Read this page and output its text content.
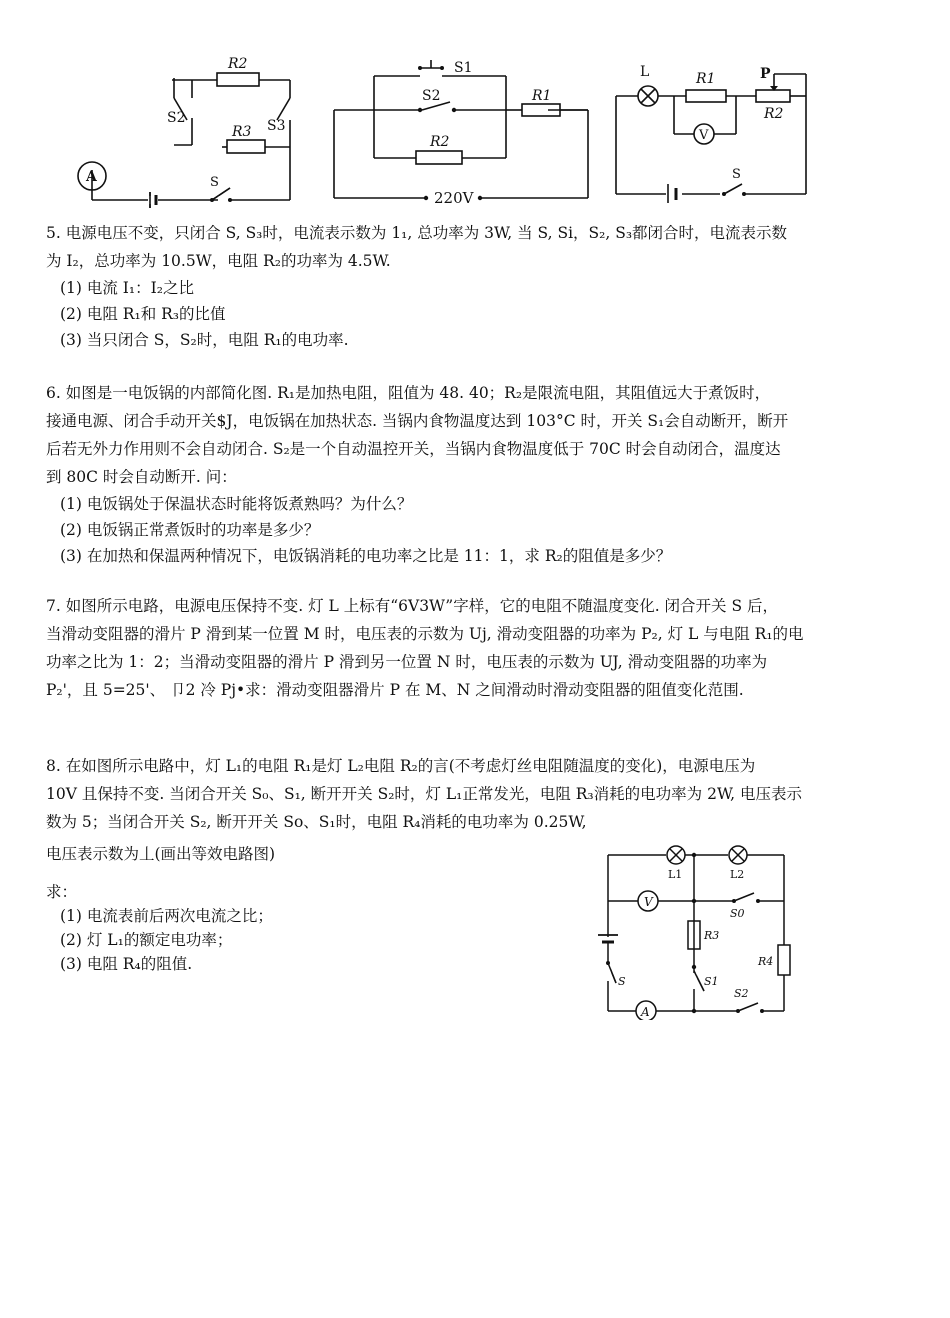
R2
R3
S2	S3
S
A
S1
S2	R1
R2
220V
L	R1	P
R2
V
S

5. 电源电压不变，只闭合 S, S₃时，电流表示数为 1₁, 总功率为 3W, 当 S, Si，S₂, S₃都闭合时，电流表示数

为 I₂，总功率为 10.5W，电阻 R₂的功率为 4.5W.

(1) 电流 I₁：I₂之比

(2) 电阻 R₁和 R₃的比值

(3) 当只闭合 S，S₂时，电阻 R₁的电功率.

6. 如图是一电饭锅的内部简化图. R₁是加热电阻，阻值为 48. 40；R₂是限流电阻，其阻值远大于煮饭时，

接通电源、闭合手动开关$J，电饭锅在加热状态. 当锅内食物温度达到 103°C 时，开关 S₁会自动断开，断开

后若无外力作用则不会自动闭合. S₂是一个自动温控开关，当锅内食物温度低于 70C 时会自动闭合，温度达

到 80C 时会自动断开. 问：

(1) 电饭锅处于保温状态时能将饭煮熟吗？为什么？

(2) 电饭锅正常煮饭时的功率是多少？

(3) 在加热和保温两种情况下，电饭锅消耗的电功率之比是 11：1，求 R₂的阻值是多少？

7. 如图所示电路，电源电压保持不变. 灯 L 上标有“6V3W”字样，它的电阻不随温度变化. 闭合开关 S 后，

当滑动变阻器的滑片 P 滑到某一位置 M 时，电压表的示数为 Uj, 滑动变阻器的功率为 P₂, 灯 L 与电阻 R₁的电

功率之比为 1：2；当滑动变阻器的滑片 P 滑到另一位置 N 时，电压表的示数为 UJ, 滑动变阻器的功率为

P₂'，且 5=25'、 卩2 冷 Pj•求：滑动变阻器滑片 P 在 M、N 之间滑动时滑动变阻器的阻值变化范围.

8. 在如图所示电路中，灯 L₁的电阻 R₁是灯 L₂电阻 R₂的言(不考虑灯丝电阻随温度的变化)，电源电压为

10V 且保持不变. 当闭合开关 S₀、S₁, 断开开关 S₂时，灯 L₁正常发光，电阻 R₃消耗的电功率为 2W, 电压表示

数为 5；当闭合开关 S₂, 断开开关 So、S₁时，电阻 R₄消耗的电功率为 0.25W,

电压表示数为丄(画出等效电路图)

求：

(1) 电流表前后两次电流之比；

(2) 灯 L₁的额定电功率；

(3) 电阻 R₄的阻值.

L1	L2
V
S0
R3
R4
S	S1
S2
A
